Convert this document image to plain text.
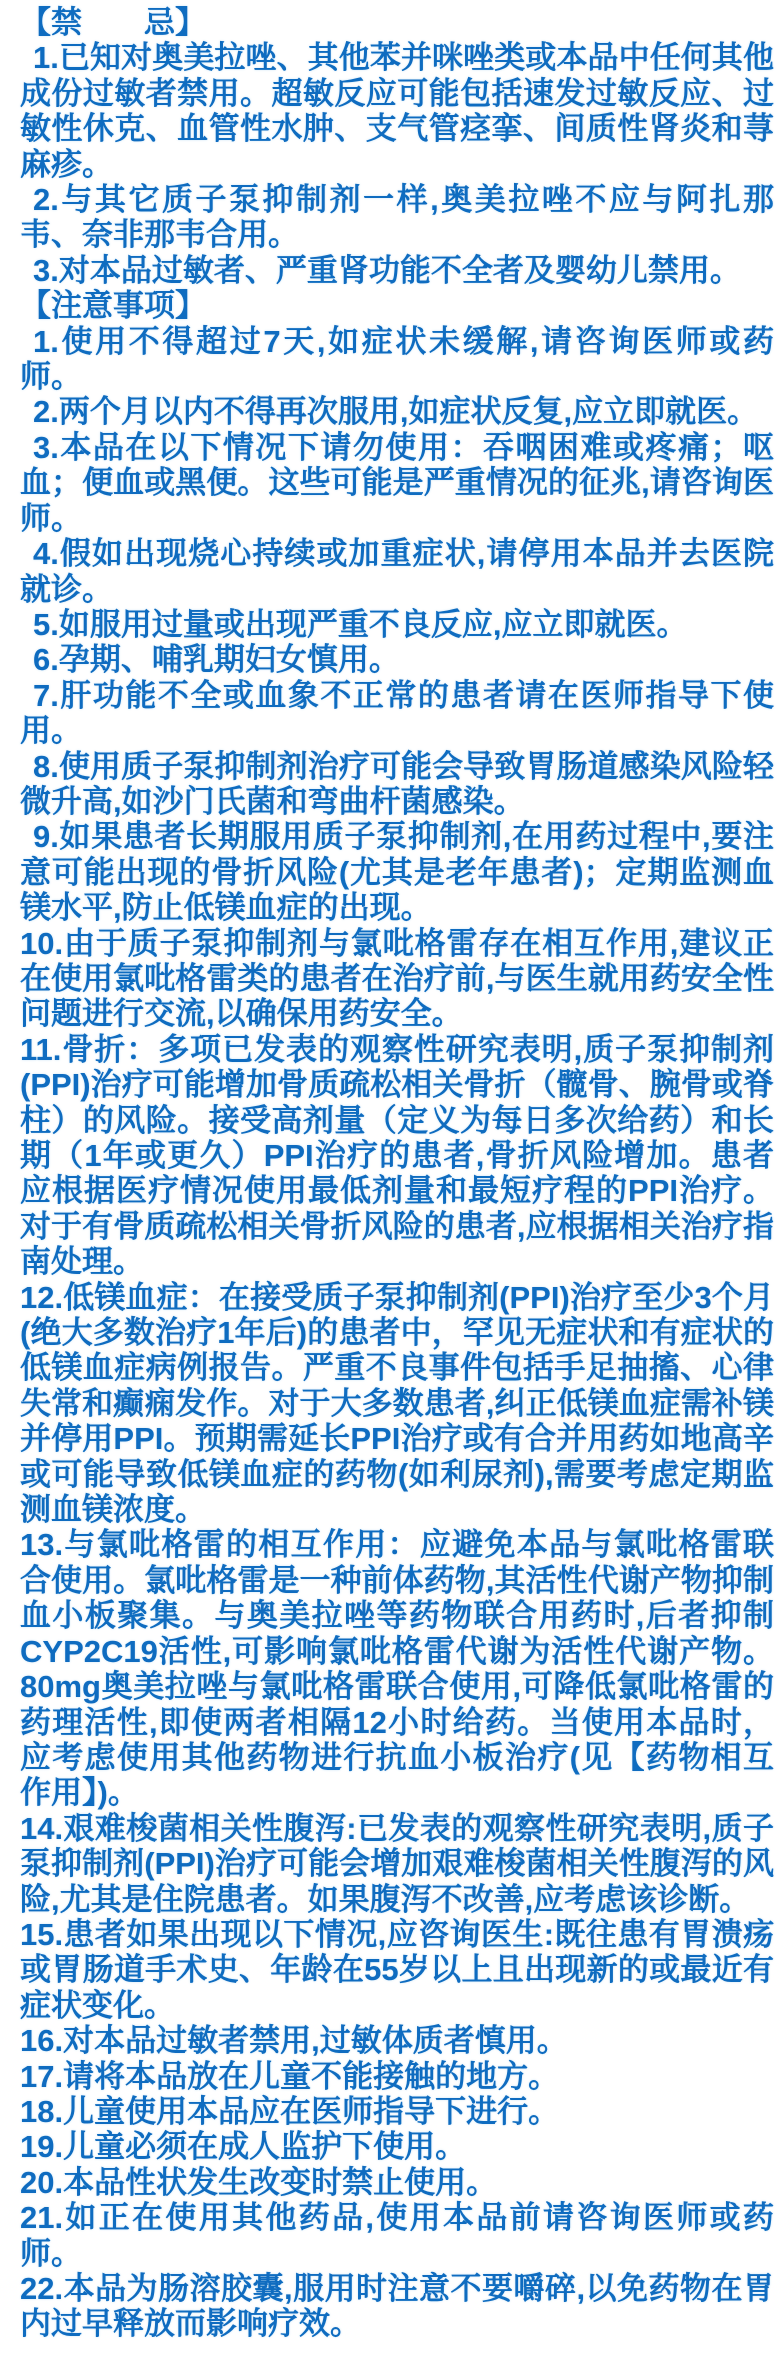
【禁　　忌】

1.已知对奥美拉唑、其他苯并咪唑类或本品中任何其他成份过敏者禁用。超敏反应可能包括速发过敏反应、过敏性休克、血管性水肿、支气管痉挛、间质性肾炎和荨麻疹。

2.与其它质子泵抑制剂一样,奥美拉唑不应与阿扎那韦、奈非那韦合用。

3.对本品过敏者、严重肾功能不全者及婴幼儿禁用。

【注意事项】

1.使用不得超过7天,如症状未缓解,请咨询医师或药师。

2.两个月以内不得再次服用,如症状反复,应立即就医。

3.本品在以下情况下请勿使用：吞咽困难或疼痛；呕血；便血或黑便。这些可能是严重情况的征兆,请咨询医师。

4.假如出现烧心持续或加重症状,请停用本品并去医院就诊。

5.如服用过量或出现严重不良反应,应立即就医。

6.孕期、哺乳期妇女慎用。

7.肝功能不全或血象不正常的患者请在医师指导下使用。

8.使用质子泵抑制剂治疗可能会导致胃肠道感染风险轻微升高,如沙门氏菌和弯曲杆菌感染。

9.如果患者长期服用质子泵抑制剂,在用药过程中,要注意可能出现的骨折风险(尤其是老年患者)；定期监测血镁水平,防止低镁血症的出现。

10.由于质子泵抑制剂与氯吡格雷存在相互作用,建议正在使用氯吡格雷类的患者在治疗前,与医生就用药安全性问题进行交流,以确保用药安全。

11.骨折：多项已发表的观察性研究表明,质子泵抑制剂(PPI)治疗可能增加骨质疏松相关骨折（髋骨、腕骨或脊柱）的风险。接受高剂量（定义为每日多次给药）和长期（1年或更久）PPI治疗的患者,骨折风险增加。患者应根据医疗情况使用最低剂量和最短疗程的PPI治疗。对于有骨质疏松相关骨折风险的患者,应根据相关治疗指南处理。

12.低镁血症：在接受质子泵抑制剂(PPI)治疗至少3个月(绝大多数治疗1年后)的患者中，罕见无症状和有症状的低镁血症病例报告。严重不良事件包括手足抽搐、心律失常和癫痫发作。对于大多数患者,纠正低镁血症需补镁并停用PPI。预期需延长PPI治疗或有合并用药如地高辛或可能导致低镁血症的药物(如利尿剂),需要考虑定期监测血镁浓度。

13.与氯吡格雷的相互作用：应避免本品与氯吡格雷联合使用。氯吡格雷是一种前体药物,其活性代谢产物抑制血小板聚集。与奥美拉唑等药物联合用药时,后者抑制CYP2C19活性,可影响氯吡格雷代谢为活性代谢产物。80mg奥美拉唑与氯吡格雷联合使用,可降低氯吡格雷的药理活性,即使两者相隔12小时给药。当使用本品时，应考虑使用其他药物进行抗血小板治疗(见【药物相互作用】)。

14.艰难梭菌相关性腹泻:已发表的观察性研究表明,质子泵抑制剂(PPI)治疗可能会增加艰难梭菌相关性腹泻的风险,尤其是住院患者。如果腹泻不改善,应考虑该诊断。

15.患者如果出现以下情况,应咨询医生:既往患有胃溃疡或胃肠道手术史、年龄在55岁以上且出现新的或最近有症状变化。

16.对本品过敏者禁用,过敏体质者慎用。

17.请将本品放在儿童不能接触的地方。

18.儿童使用本品应在医师指导下进行。

19.儿童必须在成人监护下使用。

20.本品性状发生改变时禁止使用。

21.如正在使用其他药品,使用本品前请咨询医师或药师。

22.本品为肠溶胶囊,服用时注意不要嚼碎,以免药物在胃内过早释放而影响疗效。
